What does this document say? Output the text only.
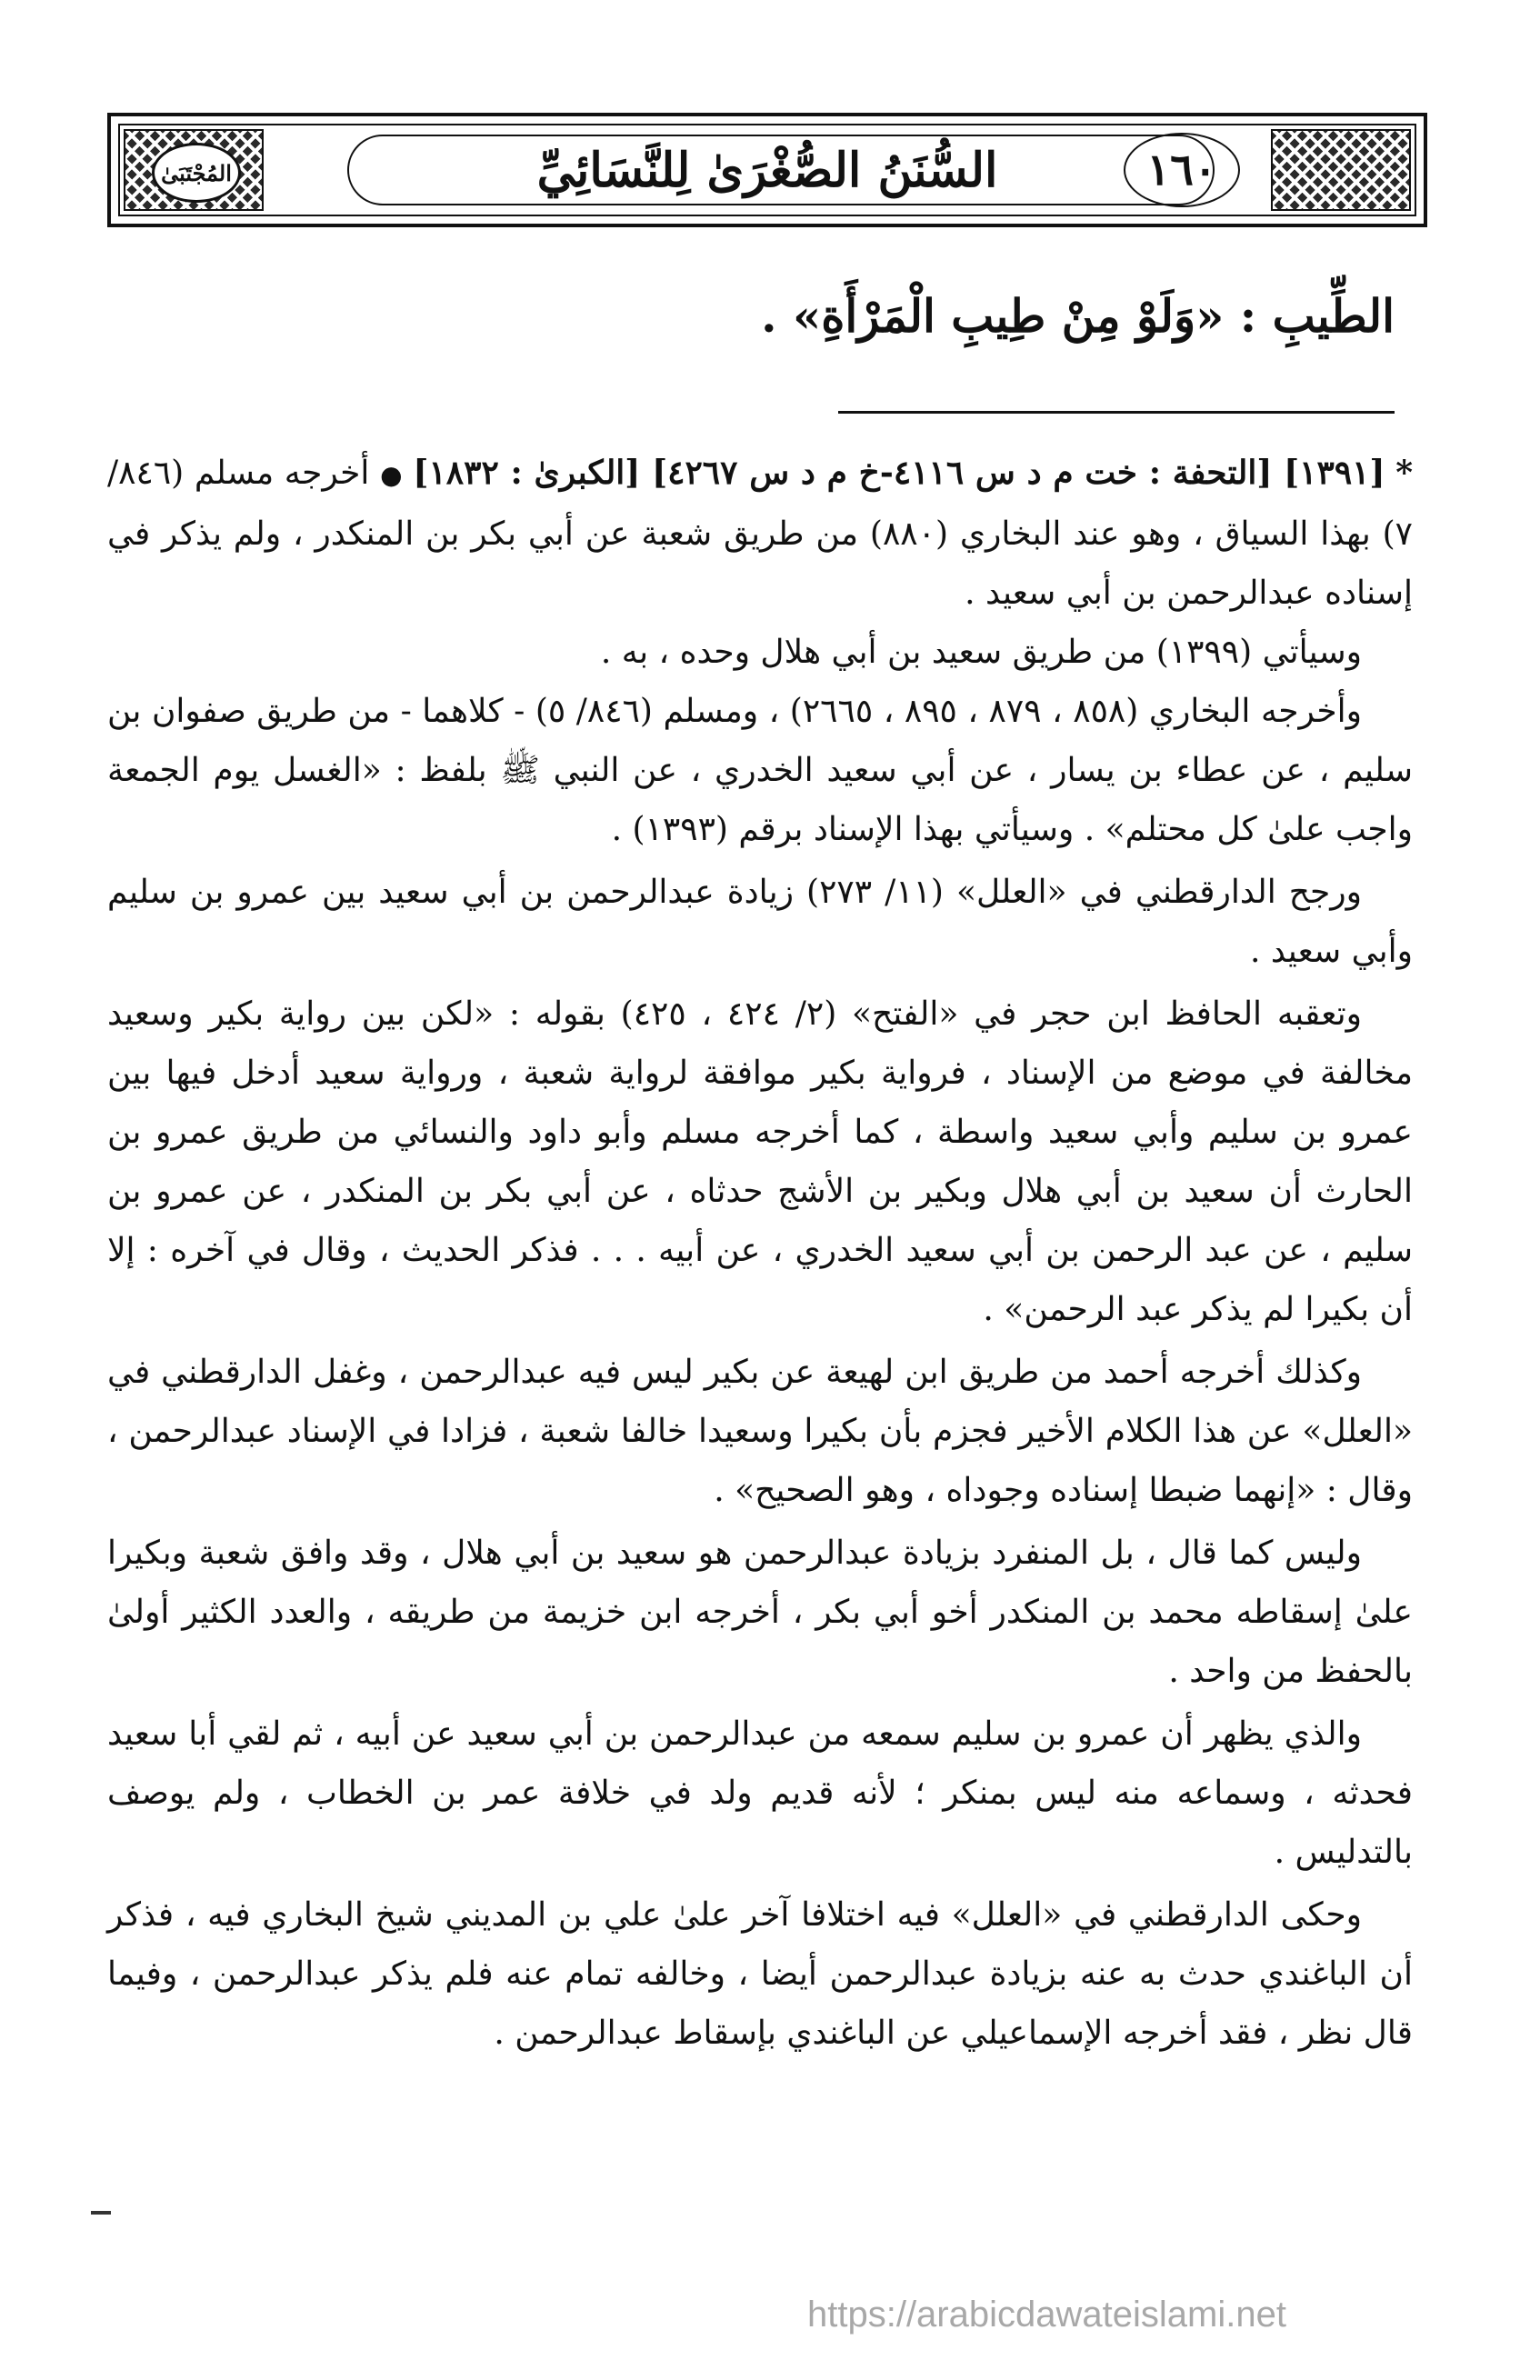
المُجْتَبَىٰ	السُّنَنُ الصُّغْرَىٰ لِلنَّسَائِيِّ	١٦٠
الطِّيبِ : «وَلَوْ مِنْ طِيبِ الْمَرْأَةِ» .

* [١٣٩١] [التحفة : خت م د س ٤١١٦-خ م د س ٤٢٦٧] [الكبرىٰ : ١٨٣٢] ● أخرجه مسلم (٨٤٦/ ٧) بهذا السياق ، وهو عند البخاري (٨٨٠) من طريق شعبة عن أبي بكر بن المنكدر ، ولم يذكر في إسناده عبدالرحمن بن أبي سعيد .

وسيأتي (١٣٩٩) من طريق سعيد بن أبي هلال وحده ، به .

وأخرجه البخاري (٨٥٨ ، ٨٧٩ ، ٨٩٥ ، ٢٦٦٥) ، ومسلم (٨٤٦/ ٥) - كلاهما - من طريق صفوان بن سليم ، عن عطاء بن يسار ، عن أبي سعيد الخدري ، عن النبي ﷺ بلفظ : «الغسل يوم الجمعة واجب علىٰ كل محتلم» . وسيأتي بهذا الإسناد برقم (١٣٩٣) .

ورجح الدارقطني في «العلل» (١١/ ٢٧٣) زيادة عبدالرحمن بن أبي سعيد بين عمرو بن سليم وأبي سعيد .

وتعقبه الحافظ ابن حجر في «الفتح» (٢/ ٤٢٤ ، ٤٢٥) بقوله : «لكن بين رواية بكير وسعيد مخالفة في موضع من الإسناد ، فرواية بكير موافقة لرواية شعبة ، ورواية سعيد أدخل فيها بين عمرو بن سليم وأبي سعيد واسطة ، كما أخرجه مسلم وأبو داود والنسائي من طريق عمرو بن الحارث أن سعيد بن أبي هلال وبكير بن الأشج حدثاه ، عن أبي بكر بن المنكدر ، عن عمرو بن سليم ، عن عبد الرحمن بن أبي سعيد الخدري ، عن أبيه . . . فذكر الحديث ، وقال في آخره : إلا أن بكيرا لم يذكر عبد الرحمن» .

وكذلك أخرجه أحمد من طريق ابن لهيعة عن بكير ليس فيه عبدالرحمن ، وغفل الدارقطني في «العلل» عن هذا الكلام الأخير فجزم بأن بكيرا وسعيدا خالفا شعبة ، فزادا في الإسناد عبدالرحمن ، وقال : «إنهما ضبطا إسناده وجوداه ، وهو الصحيح» .

وليس كما قال ، بل المنفرد بزيادة عبدالرحمن هو سعيد بن أبي هلال ، وقد وافق شعبة وبكيرا علىٰ إسقاطه محمد بن المنكدر أخو أبي بكر ، أخرجه ابن خزيمة من طريقه ، والعدد الكثير أولىٰ بالحفظ من واحد .

والذي يظهر أن عمرو بن سليم سمعه من عبدالرحمن بن أبي سعيد عن أبيه ، ثم لقي أبا سعيد فحدثه ، وسماعه منه ليس بمنكر ؛ لأنه قديم ولد في خلافة عمر بن الخطاب ، ولم يوصف بالتدليس .

وحكى الدارقطني في «العلل» فيه اختلافا آخر علىٰ علي بن المديني شيخ البخاري فيه ، فذكر أن الباغندي حدث به عنه بزيادة عبدالرحمن أيضا ، وخالفه تمام عنه فلم يذكر عبدالرحمن ، وفيما قال نظر ، فقد أخرجه الإسماعيلي عن الباغندي بإسقاط عبدالرحمن .

https://arabicdawateislami.net
